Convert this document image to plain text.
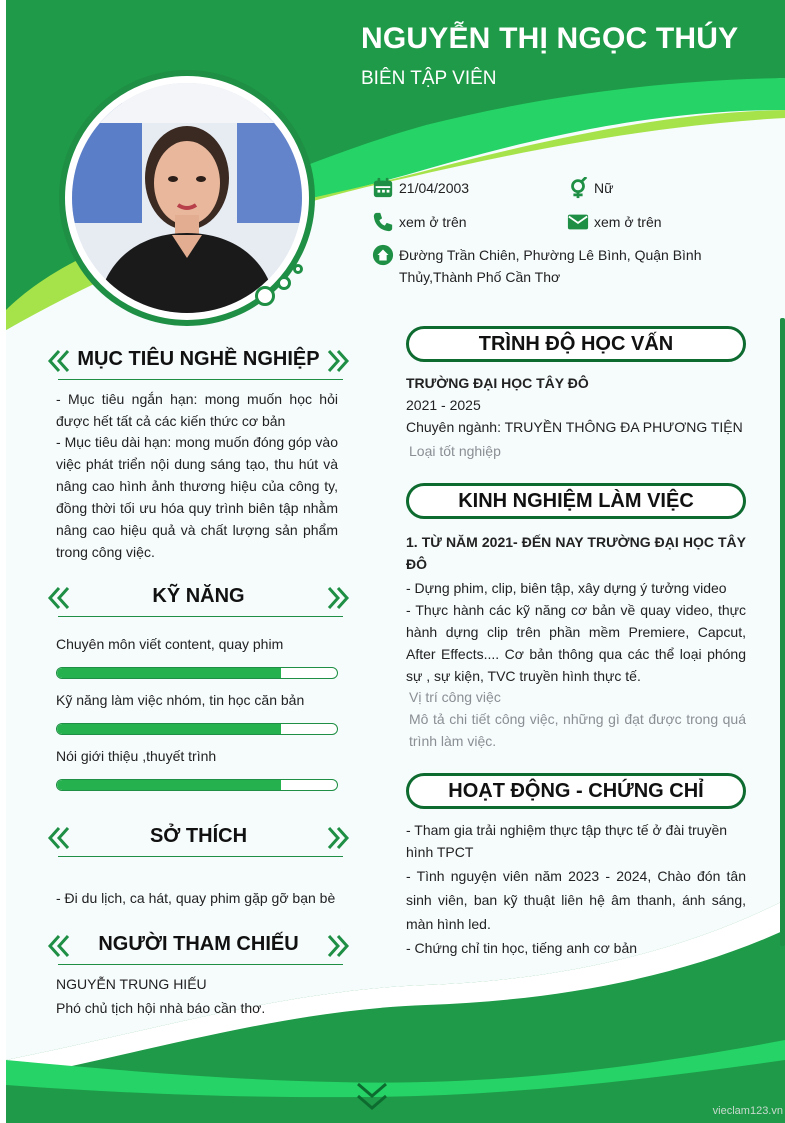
NGUYỄN THỊ NGỌC THÚY
BIÊN TẬP VIÊN
21/04/2003	Nữ
xem ở trên	xem ở trên
Đường Trần Chiên, Phường Lê Bình, Quận Bình Thủy,Thành Phố Cần Thơ
MỤC TIÊU NGHỀ NGHIỆP
- Mục tiêu ngắn hạn: mong muốn học hỏi được hết tất cả các kiến thức cơ bản
- Mục tiêu dài hạn: mong muốn đóng góp vào việc phát triển nội dung sáng tạo, thu hút và nâng cao hình ảnh thương hiệu của công ty, đồng thời tối ưu hóa quy trình biên tập nhằm nâng cao hiệu quả và chất lượng sản phẩm trong công việc.
KỸ NĂNG
Chuyên môn viết content, quay phim
Kỹ năng làm việc nhóm, tin học căn bản
Nói giới thiệu ,thuyết trình
SỞ THÍCH
- Đi du lịch, ca hát, quay phim gặp gỡ bạn bè
NGƯỜI THAM CHIẾU
NGUYỄN TRUNG HIẾU
Phó chủ tịch hội nhà báo cần thơ.
TRÌNH ĐỘ HỌC VẤN
TRƯỜNG ĐẠI HỌC TÂY ĐÔ
2021 - 2025
Chuyên ngành: TRUYỀN THÔNG ĐA PHƯƠNG TIỆN
Loại tốt nghiệp
KINH NGHIỆM LÀM VIỆC
1. TỪ NĂM 2021- ĐẾN NAY TRƯỜNG ĐẠI HỌC TÂY ĐÔ
- Dựng phim, clip, biên tập, xây dựng ý tưởng video
- Thực hành các kỹ năng cơ bản về quay video, thực hành dựng clip trên phần mềm Premiere, Capcut, After Effects.... Cơ bản thông qua các thể loại phóng sự , sự kiện, TVC truyền hình thực tế.
Vị trí công việc
Mô tả chi tiết công việc, những gì đạt được trong quá trình làm việc.
HOẠT ĐỘNG - CHỨNG CHỈ
- Tham gia trải nghiệm thực tập thực tế ở đài truyền hình TPCT
- Tình nguyện viên năm 2023 - 2024, Chào đón tân sinh viên, ban kỹ thuật liên hệ âm thanh, ánh sáng, màn hình led.
- Chứng chỉ tin học, tiếng anh cơ bản
vieclam123.vn
